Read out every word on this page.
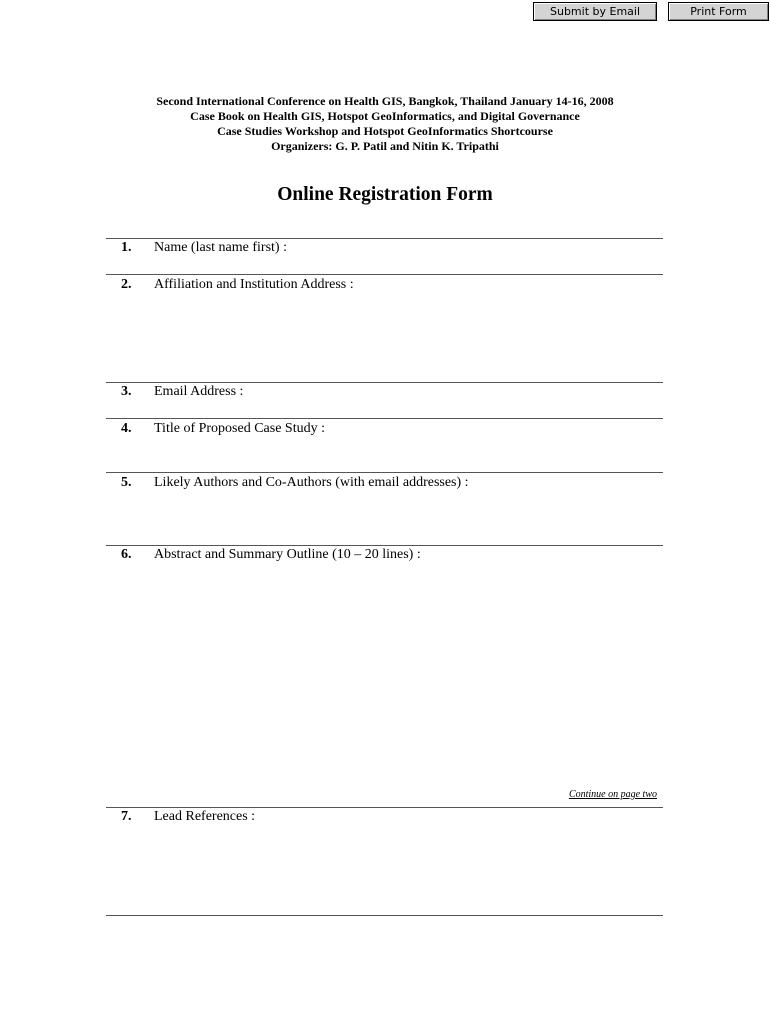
Submit by Email	Print Form
Second International Conference on Health GIS, Bangkok, Thailand January 14-16, 2008
Case Book on Health GIS, Hotspot GeoInformatics, and Digital Governance
Case Studies Workshop and Hotspot GeoInformatics Shortcourse
Organizers: G. P. Patil and Nitin K. Tripathi
Online Registration Form
1. Name (last name first) :
2. Affiliation and Institution Address :
3. Email Address :
4. Title of Proposed Case Study :
5. Likely Authors and Co-Authors (with email addresses) :
6. Abstract and Summary Outline (10 – 20 lines) :
Continue on page two
7. Lead References :
